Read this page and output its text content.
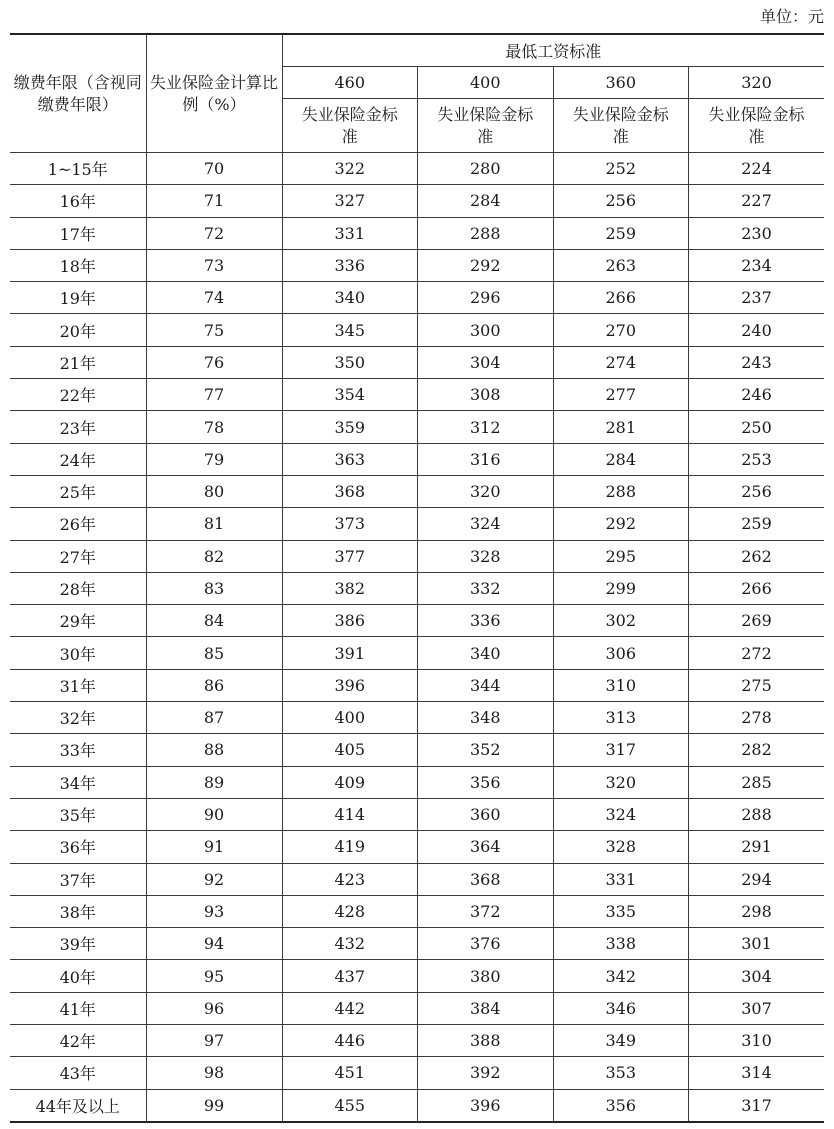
单位：元
缴费年限（含视同缴费年限）	失业保险金计算比例（%）	最低工资标准			
		460	400	360	320

		失业保险金标准	失业保险金标准	失业保险金标准	失业保险金标准

1~15年	70	322	280	252	224
16年	71	327	284	256	227
17年	72	331	288	259	230
18年	73	336	292	263	234
19年	74	340	296	266	237
20年	75	345	300	270	240
21年	76	350	304	274	243
22年	77	354	308	277	246
23年	78	359	312	281	250
24年	79	363	316	284	253
25年	80	368	320	288	256
26年	81	373	324	292	259
27年	82	377	328	295	262
28年	83	382	332	299	266
29年	84	386	336	302	269
30年	85	391	340	306	272
31年	86	396	344	310	275
32年	87	400	348	313	278
33年	88	405	352	317	282
34年	89	409	356	320	285
35年	90	414	360	324	288
36年	91	419	364	328	291
37年	92	423	368	331	294
38年	93	428	372	335	298
39年	94	432	376	338	301
40年	95	437	380	342	304
41年	96	442	384	346	307
42年	97	446	388	349	310
43年	98	451	392	353	314
44年及以上	99	455	396	356	317
